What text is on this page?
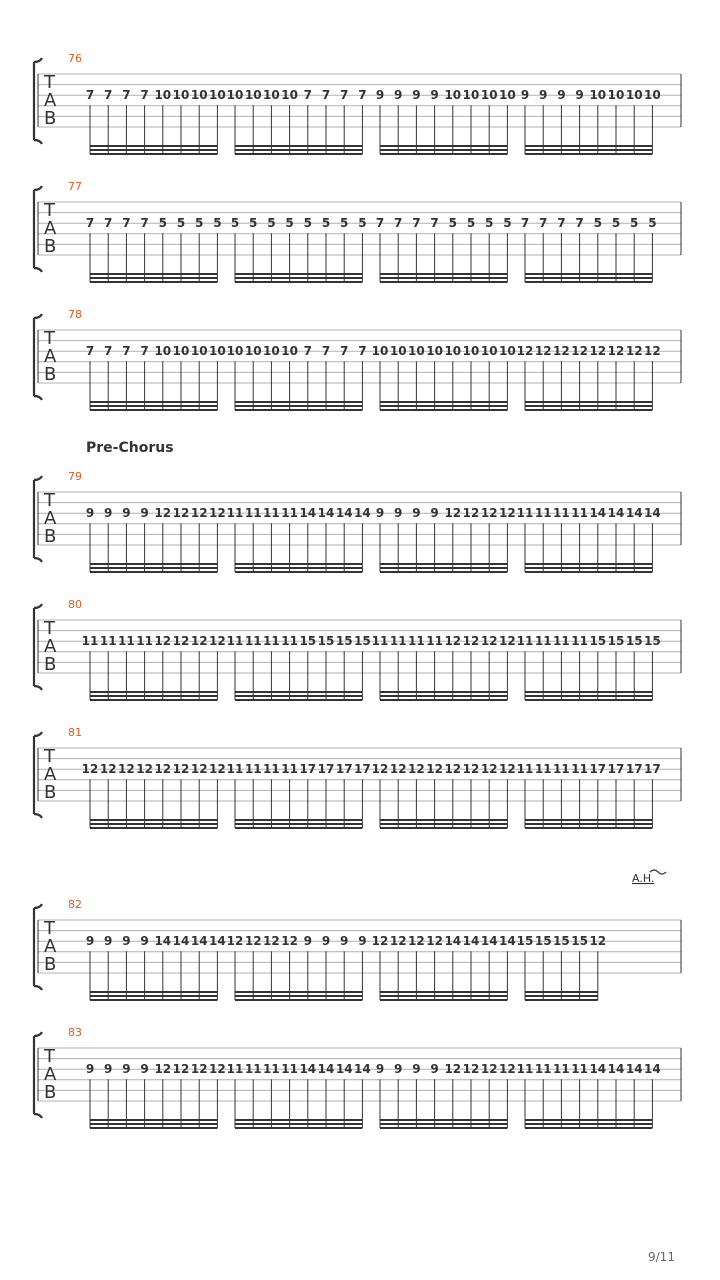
Pre-Chorus
A.H.
T
A
B
76
7 7 7 7 10 10 10 10 10 10 10 10 7 7 7 7 9 9 9 9 10 10 10 10 9 9 9 9 10 10 10 10
T
A
B
77
7 7 7 7 5 5 5 5 5 5 5 5 5 5 5 5 7 7 7 7 5 5 5 5 7 7 7 7 5 5 5 5
T
A
B
78
7 7 7 7 10 10 10 10 10 10 10 10 7 7 7 7 10 10 10 10 10 10 10 10 12 12 12 12 12 12 12 12
T
A
B
79
9 9 9 9 12 12 12 12 11 11 11 11 14 14 14 14 9 9 9 9 12 12 12 12 11 11 11 11 14 14 14 14
T
A
B
80
11 11 11 11 12 12 12 12 11 11 11 11 15 15 15 15 11 11 11 11 12 12 12 12 11 11 11 11 15 15 15 15
T
A
B
81
12 12 12 12 12 12 12 12 11 11 11 11 17 17 17 17 12 12 12 12 12 12 12 12 11 11 11 11 17 17 17 17
T
A
B
82
9 9 9 9 14 14 14 14 12 12 12 12 9 9 9 9 12 12 12 12 14 14 14 14 15 15 15 15 12
T
A
B
83
9 9 9 9 12 12 12 12 11 11 11 11 14 14 14 14 9 9 9 9 12 12 12 12 11 11 11 11 14 14 14 14
9/11
